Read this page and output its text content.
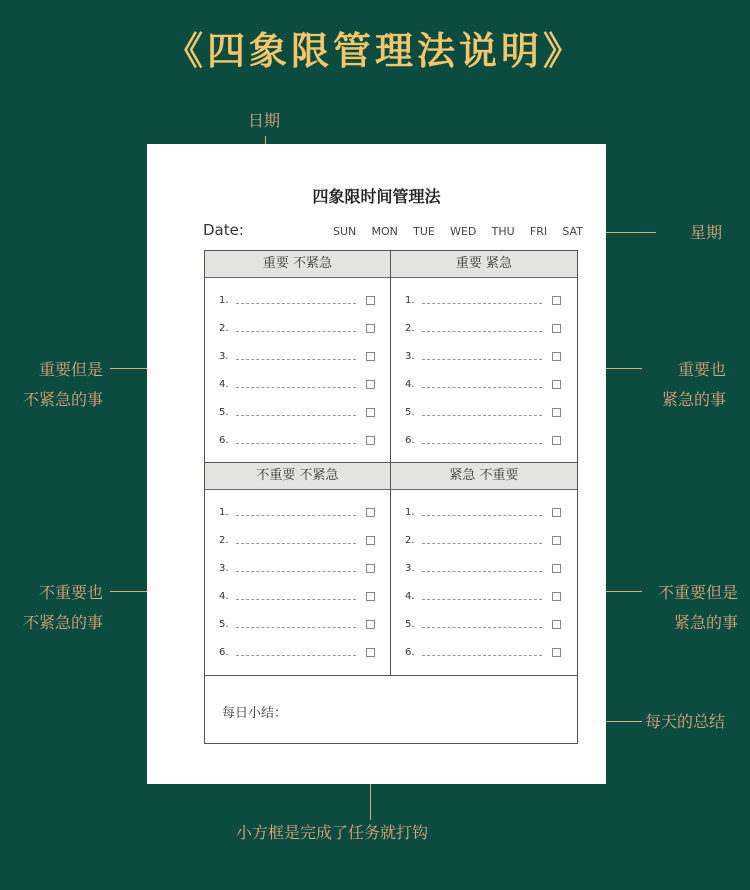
《四象限管理法说明》
日期
星期
重要但是
不紧急的事
重要也
紧急的事
不重要也
不紧急的事
不重要但是
紧急的事
每天的总结
小方框是完成了任务就打钩
四象限时间管理法
Date:	SUN MON TUE WED THU FRI SAT
重要 不紧急
1.
2.
3.
4.
5.
6.
重要 紧急
1.
2.
3.
4.
5.
6.
不重要 不紧急
1.
2.
3.
4.
5.
6.
紧急 不重要
1.
2.
3.
4.
5.
6.
每日小结：
